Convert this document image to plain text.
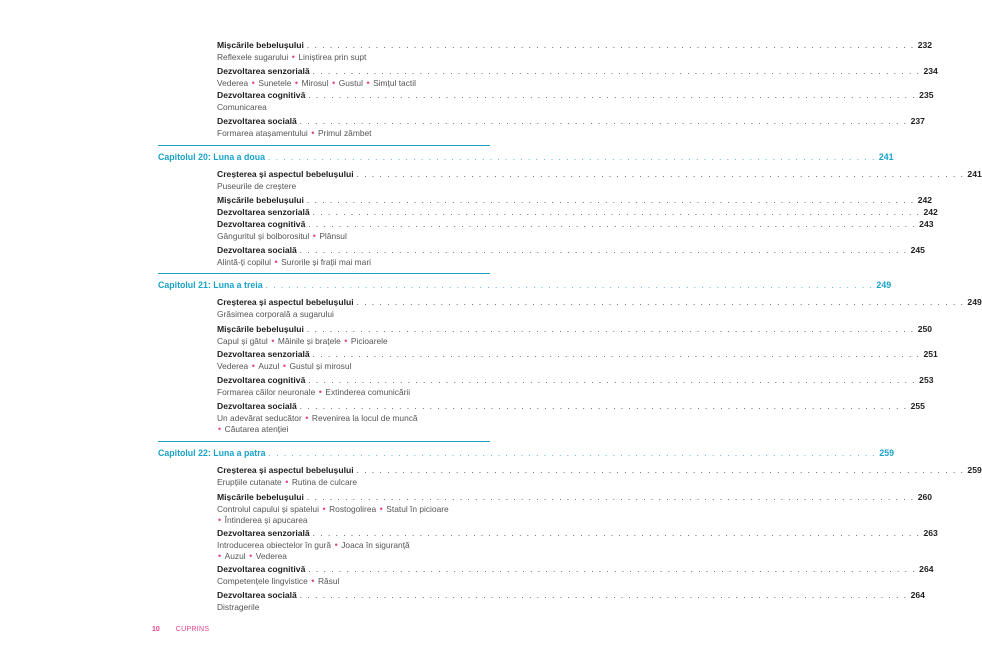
Mișcările bebelușului . . . . . . . . . . . . . . . . . . . . . . . . . . . . . . . . . . . . . . . . . . . . . . . . . . . . . . . . . . . . . . . . . . . . . . . . . . . . . . . . 232
Reflexele sugarului • Liniștirea prin supt
Dezvoltarea senzorială . . . . . . . . . . . . . . . . . . . . . . . . . . . . . . . . . . . . . . . . . . . . . . . . . . . . . . . . . . . . . . . . . . . . . . . . . . . . . . . . 234
Vederea • Sunetele • Mirosul • Gustul • Simțul tactil
Dezvoltarea cognitivă . . . . . . . . . . . . . . . . . . . . . . . . . . . . . . . . . . . . . . . . . . . . . . . . . . . . . . . . . . . . . . . . . . . . . . . . . . . . . . . . 235
Comunicarea
Dezvoltarea socială . . . . . . . . . . . . . . . . . . . . . . . . . . . . . . . . . . . . . . . . . . . . . . . . . . . . . . . . . . . . . . . . . . . . . . . . . . . . . . . . 237
Formarea atașamentului • Primul zâmbet
Capitolul 20: Luna a doua . . . . . . . . . . . . . . . . . . . . . . . . . . . . . . . . . . . . . . . . . . . . . . . . . . . . . . . . . . . . . . . . . . . . . . . . . . . . . . . . 241
Creșterea și aspectul bebelușului . . . . . . . . . . . . . . . . . . . . . . . . . . . . . . . . . . . . . . . . . . . . . . . . . . . . . . . . . . . . . . . . . . . . . . . . . . . . . . . . 241
Puseurile de creștere
Mișcările bebelușului . . . . . . . . . . . . . . . . . . . . . . . . . . . . . . . . . . . . . . . . . . . . . . . . . . . . . . . . . . . . . . . . . . . . . . . . . . . . . . . . 242
Dezvoltarea senzorială . . . . . . . . . . . . . . . . . . . . . . . . . . . . . . . . . . . . . . . . . . . . . . . . . . . . . . . . . . . . . . . . . . . . . . . . . . . . . . . . 242
Dezvoltarea cognitivă . . . . . . . . . . . . . . . . . . . . . . . . . . . . . . . . . . . . . . . . . . . . . . . . . . . . . . . . . . . . . . . . . . . . . . . . . . . . . . . . 243
Gânguritul și bolborositul • Plânsul
Dezvoltarea socială . . . . . . . . . . . . . . . . . . . . . . . . . . . . . . . . . . . . . . . . . . . . . . . . . . . . . . . . . . . . . . . . . . . . . . . . . . . . . . . . 245
Alintă-ți copilul • Surorile și frații mai mari
Capitolul 21: Luna a treia . . . . . . . . . . . . . . . . . . . . . . . . . . . . . . . . . . . . . . . . . . . . . . . . . . . . . . . . . . . . . . . . . . . . . . . . . . . . . . . . 249
Creșterea și aspectul bebelușului . . . . . . . . . . . . . . . . . . . . . . . . . . . . . . . . . . . . . . . . . . . . . . . . . . . . . . . . . . . . . . . . . . . . . . . . . . . . . . . . 249
Grăsimea corporală a sugarului
Mișcările bebelușului . . . . . . . . . . . . . . . . . . . . . . . . . . . . . . . . . . . . . . . . . . . . . . . . . . . . . . . . . . . . . . . . . . . . . . . . . . . . . . . . 250
Capul și gâtul • Mâinile și brațele • Picioarele
Dezvoltarea senzorială . . . . . . . . . . . . . . . . . . . . . . . . . . . . . . . . . . . . . . . . . . . . . . . . . . . . . . . . . . . . . . . . . . . . . . . . . . . . . . . . 251
Vederea • Auzul • Gustul și mirosul
Dezvoltarea cognitivă . . . . . . . . . . . . . . . . . . . . . . . . . . . . . . . . . . . . . . . . . . . . . . . . . . . . . . . . . . . . . . . . . . . . . . . . . . . . . . . . 253
Formarea căilor neuronale • Extinderea comunicării
Dezvoltarea socială . . . . . . . . . . . . . . . . . . . . . . . . . . . . . . . . . . . . . . . . . . . . . . . . . . . . . . . . . . . . . . . . . . . . . . . . . . . . . . . . 255
Un adevărat seducător • Revenirea la locul de muncă
• Căutarea atenției
Capitolul 22: Luna a patra . . . . . . . . . . . . . . . . . . . . . . . . . . . . . . . . . . . . . . . . . . . . . . . . . . . . . . . . . . . . . . . . . . . . . . . . . . . . . . . . 259
Creșterea și aspectul bebelușului . . . . . . . . . . . . . . . . . . . . . . . . . . . . . . . . . . . . . . . . . . . . . . . . . . . . . . . . . . . . . . . . . . . . . . . . . . . . . . . . 259
Erupțiile cutanate • Rutina de culcare
Mișcările bebelușului . . . . . . . . . . . . . . . . . . . . . . . . . . . . . . . . . . . . . . . . . . . . . . . . . . . . . . . . . . . . . . . . . . . . . . . . . . . . . . . . 260
Controlul capului și spatelui • Rostogolirea • Statul în picioare
• Întinderea și apucarea
Dezvoltarea senzorială . . . . . . . . . . . . . . . . . . . . . . . . . . . . . . . . . . . . . . . . . . . . . . . . . . . . . . . . . . . . . . . . . . . . . . . . . . . . . . . . 263
Introducerea obiectelor în gură • Joaca în siguranță
• Auzul • Vederea
Dezvoltarea cognitivă . . . . . . . . . . . . . . . . . . . . . . . . . . . . . . . . . . . . . . . . . . . . . . . . . . . . . . . . . . . . . . . . . . . . . . . . . . . . . . . . 264
Competențele lingvistice • Râsul
Dezvoltarea socială . . . . . . . . . . . . . . . . . . . . . . . . . . . . . . . . . . . . . . . . . . . . . . . . . . . . . . . . . . . . . . . . . . . . . . . . . . . . . . . . 264
Distragerile
10 CUPRINS
